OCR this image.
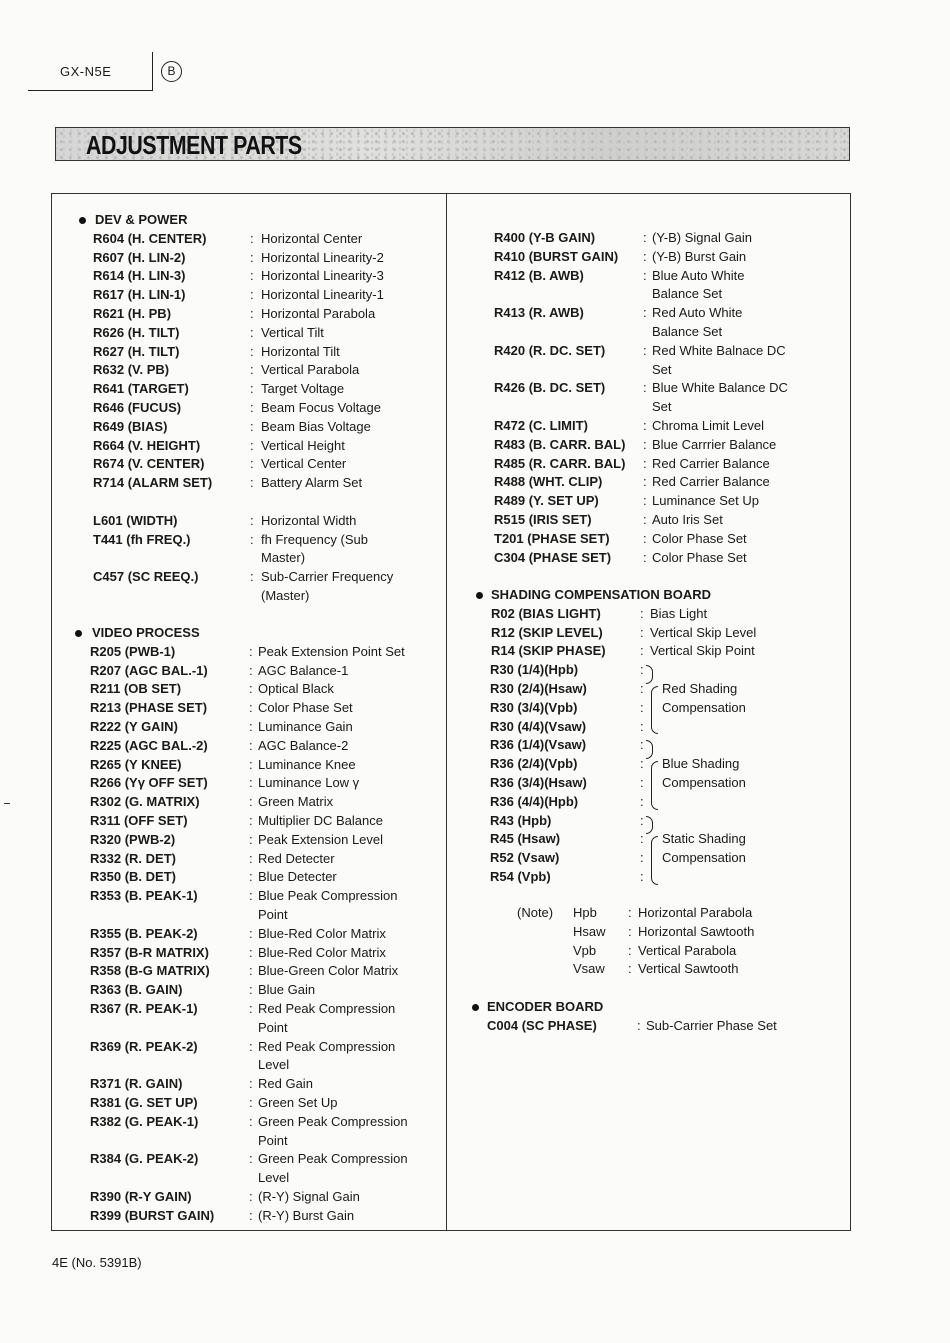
GX-N5E	B
ADJUSTMENT PARTS
DEV & POWER
R604 (H. CENTER)	: Horizontal Center
R607 (H. LIN-2)	: Horizontal Linearity-2
R614 (H. LIN-3)	: Horizontal Linearity-3
R617 (H. LIN-1)	: Horizontal Linearity-1
R621 (H. PB)	: Horizontal Parabola
R626 (H. TILT)	: Vertical Tilt
R627 (H. TILT)	: Horizontal Tilt
R632 (V. PB)	: Vertical Parabola
R641 (TARGET)	: Target Voltage
R646 (FUCUS)	: Beam Focus Voltage
R649 (BIAS)	: Beam Bias Voltage
R664 (V. HEIGHT)	: Vertical Height
R674 (V. CENTER)	: Vertical Center
R714 (ALARM SET)	: Battery Alarm Set
L601 (WIDTH)	: Horizontal Width
T441 (fh FREQ.)	: fh Frequency (Sub
Master)
C457 (SC REEQ.)	: Sub-Carrier Frequency
(Master)
VIDEO PROCESS
R205 (PWB-1)	: Peak Extension Point Set
R207 (AGC BAL.-1)	: AGC Balance-1
R211 (OB SET)	: Optical Black
R213 (PHASE SET)	: Color Phase Set
R222 (Y GAIN)	: Luminance Gain
R225 (AGC BAL.-2)	: AGC Balance-2
R265 (Y KNEE)	: Luminance Knee
R266 (Yγ OFF SET)	: Luminance Low γ
R302 (G. MATRIX)	: Green Matrix
R311 (OFF SET)	: Multiplier DC Balance
R320 (PWB-2)	: Peak Extension Level
R332 (R. DET)	: Red Detecter
R350 (B. DET)	: Blue Detecter
R353 (B. PEAK-1)	: Blue Peak Compression
Point
R355 (B. PEAK-2)	: Blue-Red Color Matrix
R357 (B-R MATRIX)	: Blue-Red Color Matrix
R358 (B-G MATRIX)	: Blue-Green Color Matrix
R363 (B. GAIN)	: Blue Gain
R367 (R. PEAK-1)	: Red Peak Compression
Point
R369 (R. PEAK-2)	: Red Peak Compression
Level
R371 (R. GAIN)	: Red Gain
R381 (G. SET UP)	: Green Set Up
R382 (G. PEAK-1)	: Green Peak Compression
Point
R384 (G. PEAK-2)	: Green Peak Compression
Level
R390 (R-Y GAIN)	: (R-Y) Signal Gain
R399 (BURST GAIN)	: (R-Y) Burst Gain
R400 (Y-B GAIN)	: (Y-B) Signal Gain
R410 (BURST GAIN) : (Y-B) Burst Gain
R412 (B. AWB)	: Blue Auto White
Balance Set
R413 (R. AWB)	: Red Auto White
Balance Set
R420 (R. DC. SET)	: Red White Balnace DC
Set
R426 (B. DC. SET)	: Blue White Balance DC
Set
R472 (C. LIMIT)	: Chroma Limit Level
R483 (B. CARR. BAL) : Blue Carrrier Balance
R485 (R. CARR. BAL) : Red Carrier Balance
R488 (WHT. CLIP)	: Red Carrier Balance
R489 (Y. SET UP)	: Luminance Set Up
R515 (IRIS SET)	: Auto Iris Set
T201 (PHASE SET)	: Color Phase Set
C304 (PHASE SET) : Color Phase Set
SHADING COMPENSATION BOARD
R02 (BIAS LIGHT)	: Bias Light
R12 (SKIP LEVEL)	: Vertical Skip Level
R14 (SKIP PHASE)	: Vertical Skip Point
R30 (1/4)(Hpb)	:
R30 (2/4)(Hsaw)	:
R30 (3/4)(Vpb)	:
R30 (4/4)(Vsaw)	:
Red Shading
Compensation
R36 (1/4)(Vsaw)	:
R36 (2/4)(Vpb)	:
R36 (3/4)(Hsaw)	:
R36 (4/4)(Hpb)	:
Blue Shading
Compensation
R43 (Hpb)	:
R45 (Hsaw)	:
R52 (Vsaw)	:
R54 (Vpb)	:
Static Shading
Compensation
(Note) Hpb : Horizontal Parabola
Hsaw : Horizontal Sawtooth
Vpb : Vertical Parabola
Vsaw : Vertical Sawtooth
ENCODER BOARD
C004 (SC PHASE)	: Sub-Carrier Phase Set
4E (No. 5391B)
